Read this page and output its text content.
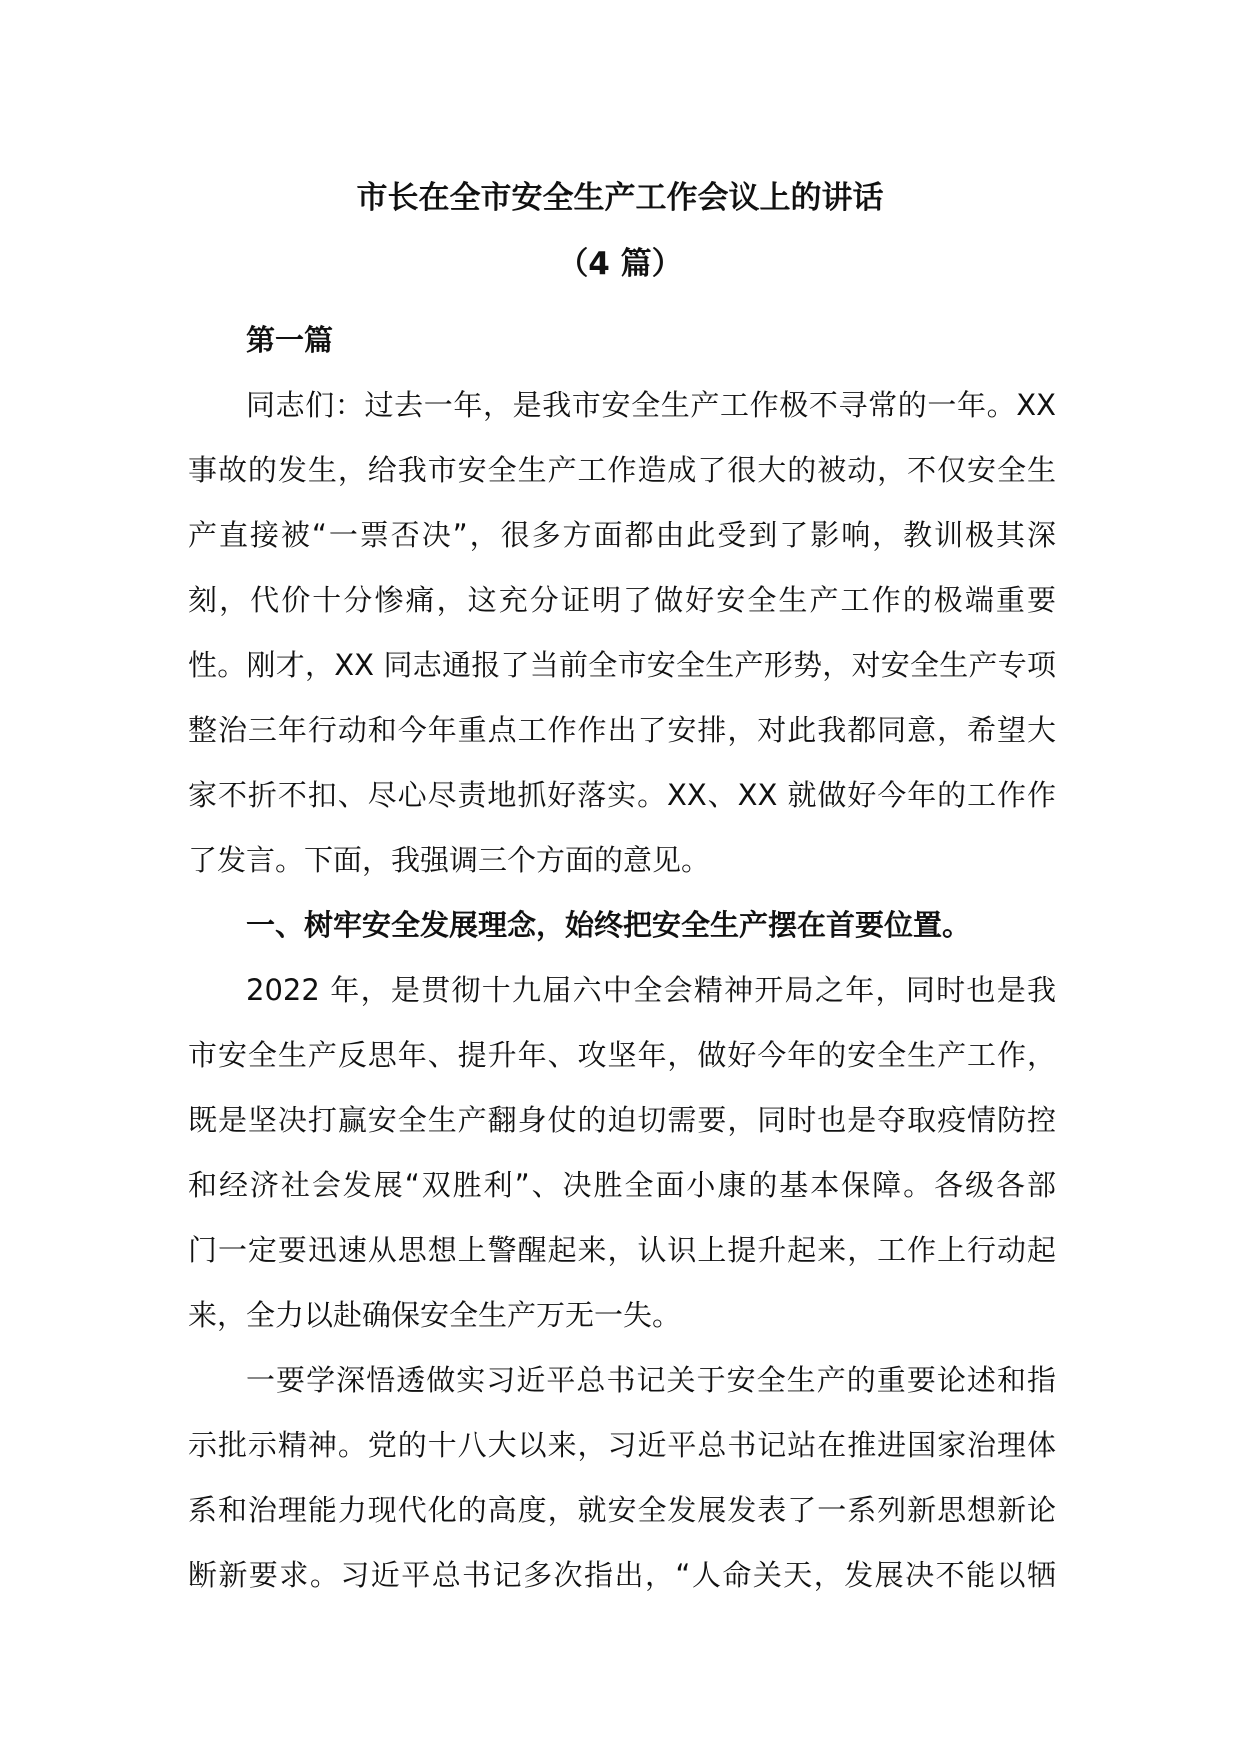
市长在全市安全生产工作会议上的讲话
（4 篇）
第一篇
同志们：过去一年，是我市安全生产工作极不寻常的一年。XX
事故的发生，给我市安全生产工作造成了很大的被动，不仅安全生
产直接被“一票否决”，很多方面都由此受到了影响，教训极其深
刻，代价十分惨痛，这充分证明了做好安全生产工作的极端重要
性。刚才，XX 同志通报了当前全市安全生产形势，对安全生产专项
整治三年行动和今年重点工作作出了安排，对此我都同意，希望大
家不折不扣、尽心尽责地抓好落实。XX、XX 就做好今年的工作作
了发言。下面，我强调三个方面的意见。
一、树牢安全发展理念，始终把安全生产摆在首要位置。
2022 年，是贯彻十九届六中全会精神开局之年，同时也是我
市安全生产反思年、提升年、攻坚年，做好今年的安全生产工作，
既是坚决打赢安全生产翻身仗的迫切需要，同时也是夺取疫情防控
和经济社会发展“双胜利”、决胜全面小康的基本保障。各级各部
门一定要迅速从思想上警醒起来，认识上提升起来，工作上行动起
来，全力以赴确保安全生产万无一失。
一要学深悟透做实习近平总书记关于安全生产的重要论述和指
示批示精神。党的十八大以来，习近平总书记站在推进国家治理体
系和治理能力现代化的高度，就安全发展发表了一系列新思想新论
断新要求。习近平总书记多次指出，“人命关天，发展决不能以牺
